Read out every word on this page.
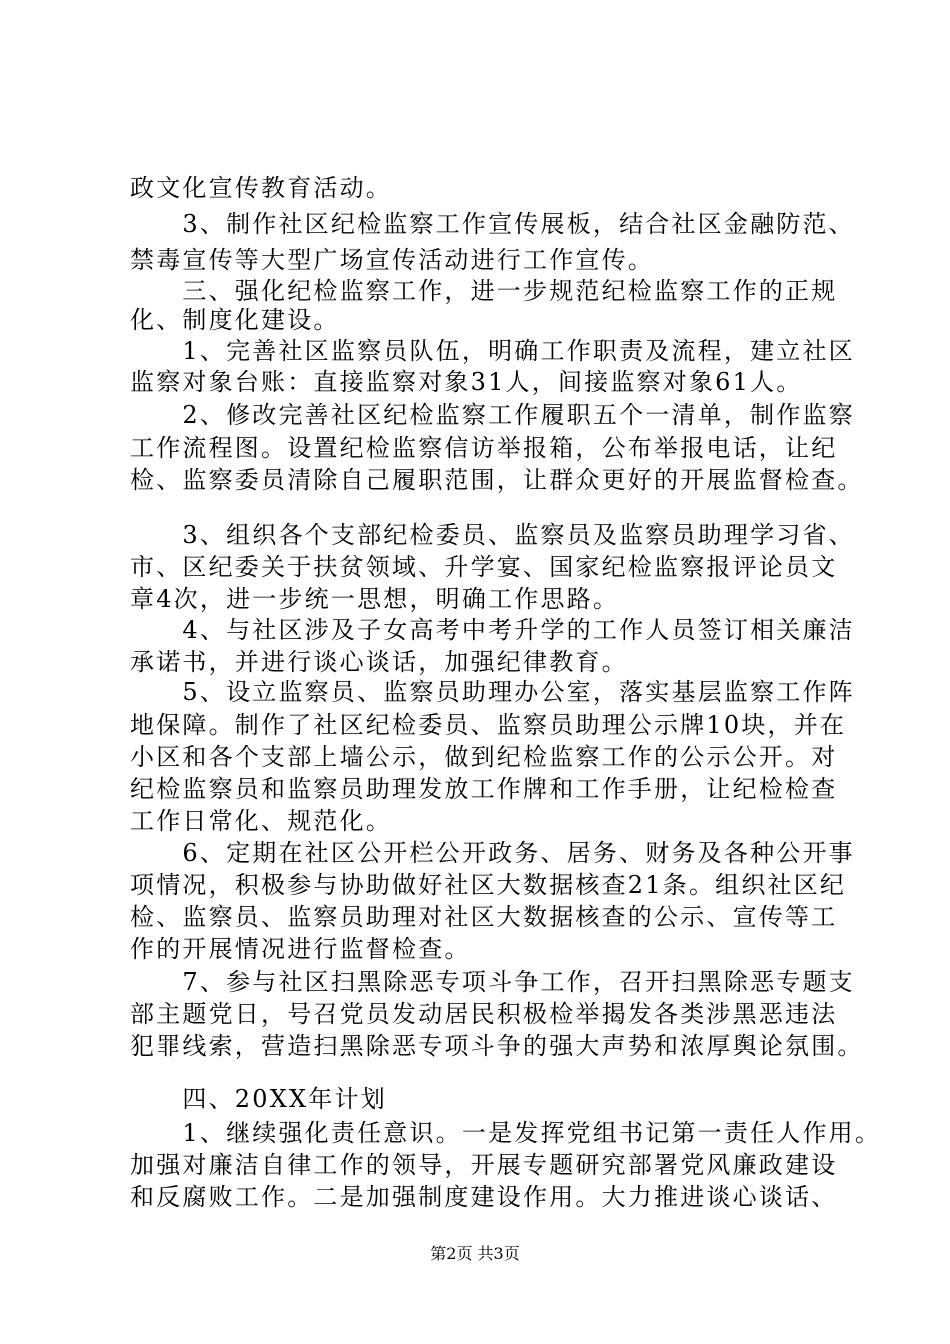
政文化宣传教育活动。
　　3、制作社区纪检监察工作宣传展板，结合社区金融防范、
禁毒宣传等大型广场宣传活动进行工作宣传。
　　三、强化纪检监察工作，进一步规范纪检监察工作的正规
化、制度化建设。
　　1、完善社区监察员队伍，明确工作职责及流程，建立社区
监察对象台账：直接监察对象31人，间接监察对象61人。
　　2、修改完善社区纪检监察工作履职五个一清单，制作监察
工作流程图。设置纪检监察信访举报箱，公布举报电话，让纪
检、监察委员清除自己履职范围，让群众更好的开展监督检查。
　　3、组织各个支部纪检委员、监察员及监察员助理学习省、
市、区纪委关于扶贫领域、升学宴、国家纪检监察报评论员文
章4次，进一步统一思想，明确工作思路。
　　4、与社区涉及子女高考中考升学的工作人员签订相关廉洁
承诺书，并进行谈心谈话，加强纪律教育。
　　5、设立监察员、监察员助理办公室，落实基层监察工作阵
地保障。制作了社区纪检委员、监察员助理公示牌10块，并在
小区和各个支部上墙公示，做到纪检监察工作的公示公开。对
纪检监察员和监察员助理发放工作牌和工作手册，让纪检检查
工作日常化、规范化。
　　6、定期在社区公开栏公开政务、居务、财务及各种公开事
项情况，积极参与协助做好社区大数据核查21条。组织社区纪
检、监察员、监察员助理对社区大数据核查的公示、宣传等工
作的开展情况进行监督检查。
　　7、参与社区扫黑除恶专项斗争工作，召开扫黑除恶专题支
部主题党日，号召党员发动居民积极检举揭发各类涉黑恶违法
犯罪线索，营造扫黑除恶专项斗争的强大声势和浓厚舆论氛围。
　　四、20XX年计划
　　1、继续强化责任意识。一是发挥党组书记第一责任人作用。
加强对廉洁自律工作的领导，开展专题研究部署党风廉政建设
和反腐败工作。二是加强制度建设作用。大力推进谈心谈话、
第2页 共3页
